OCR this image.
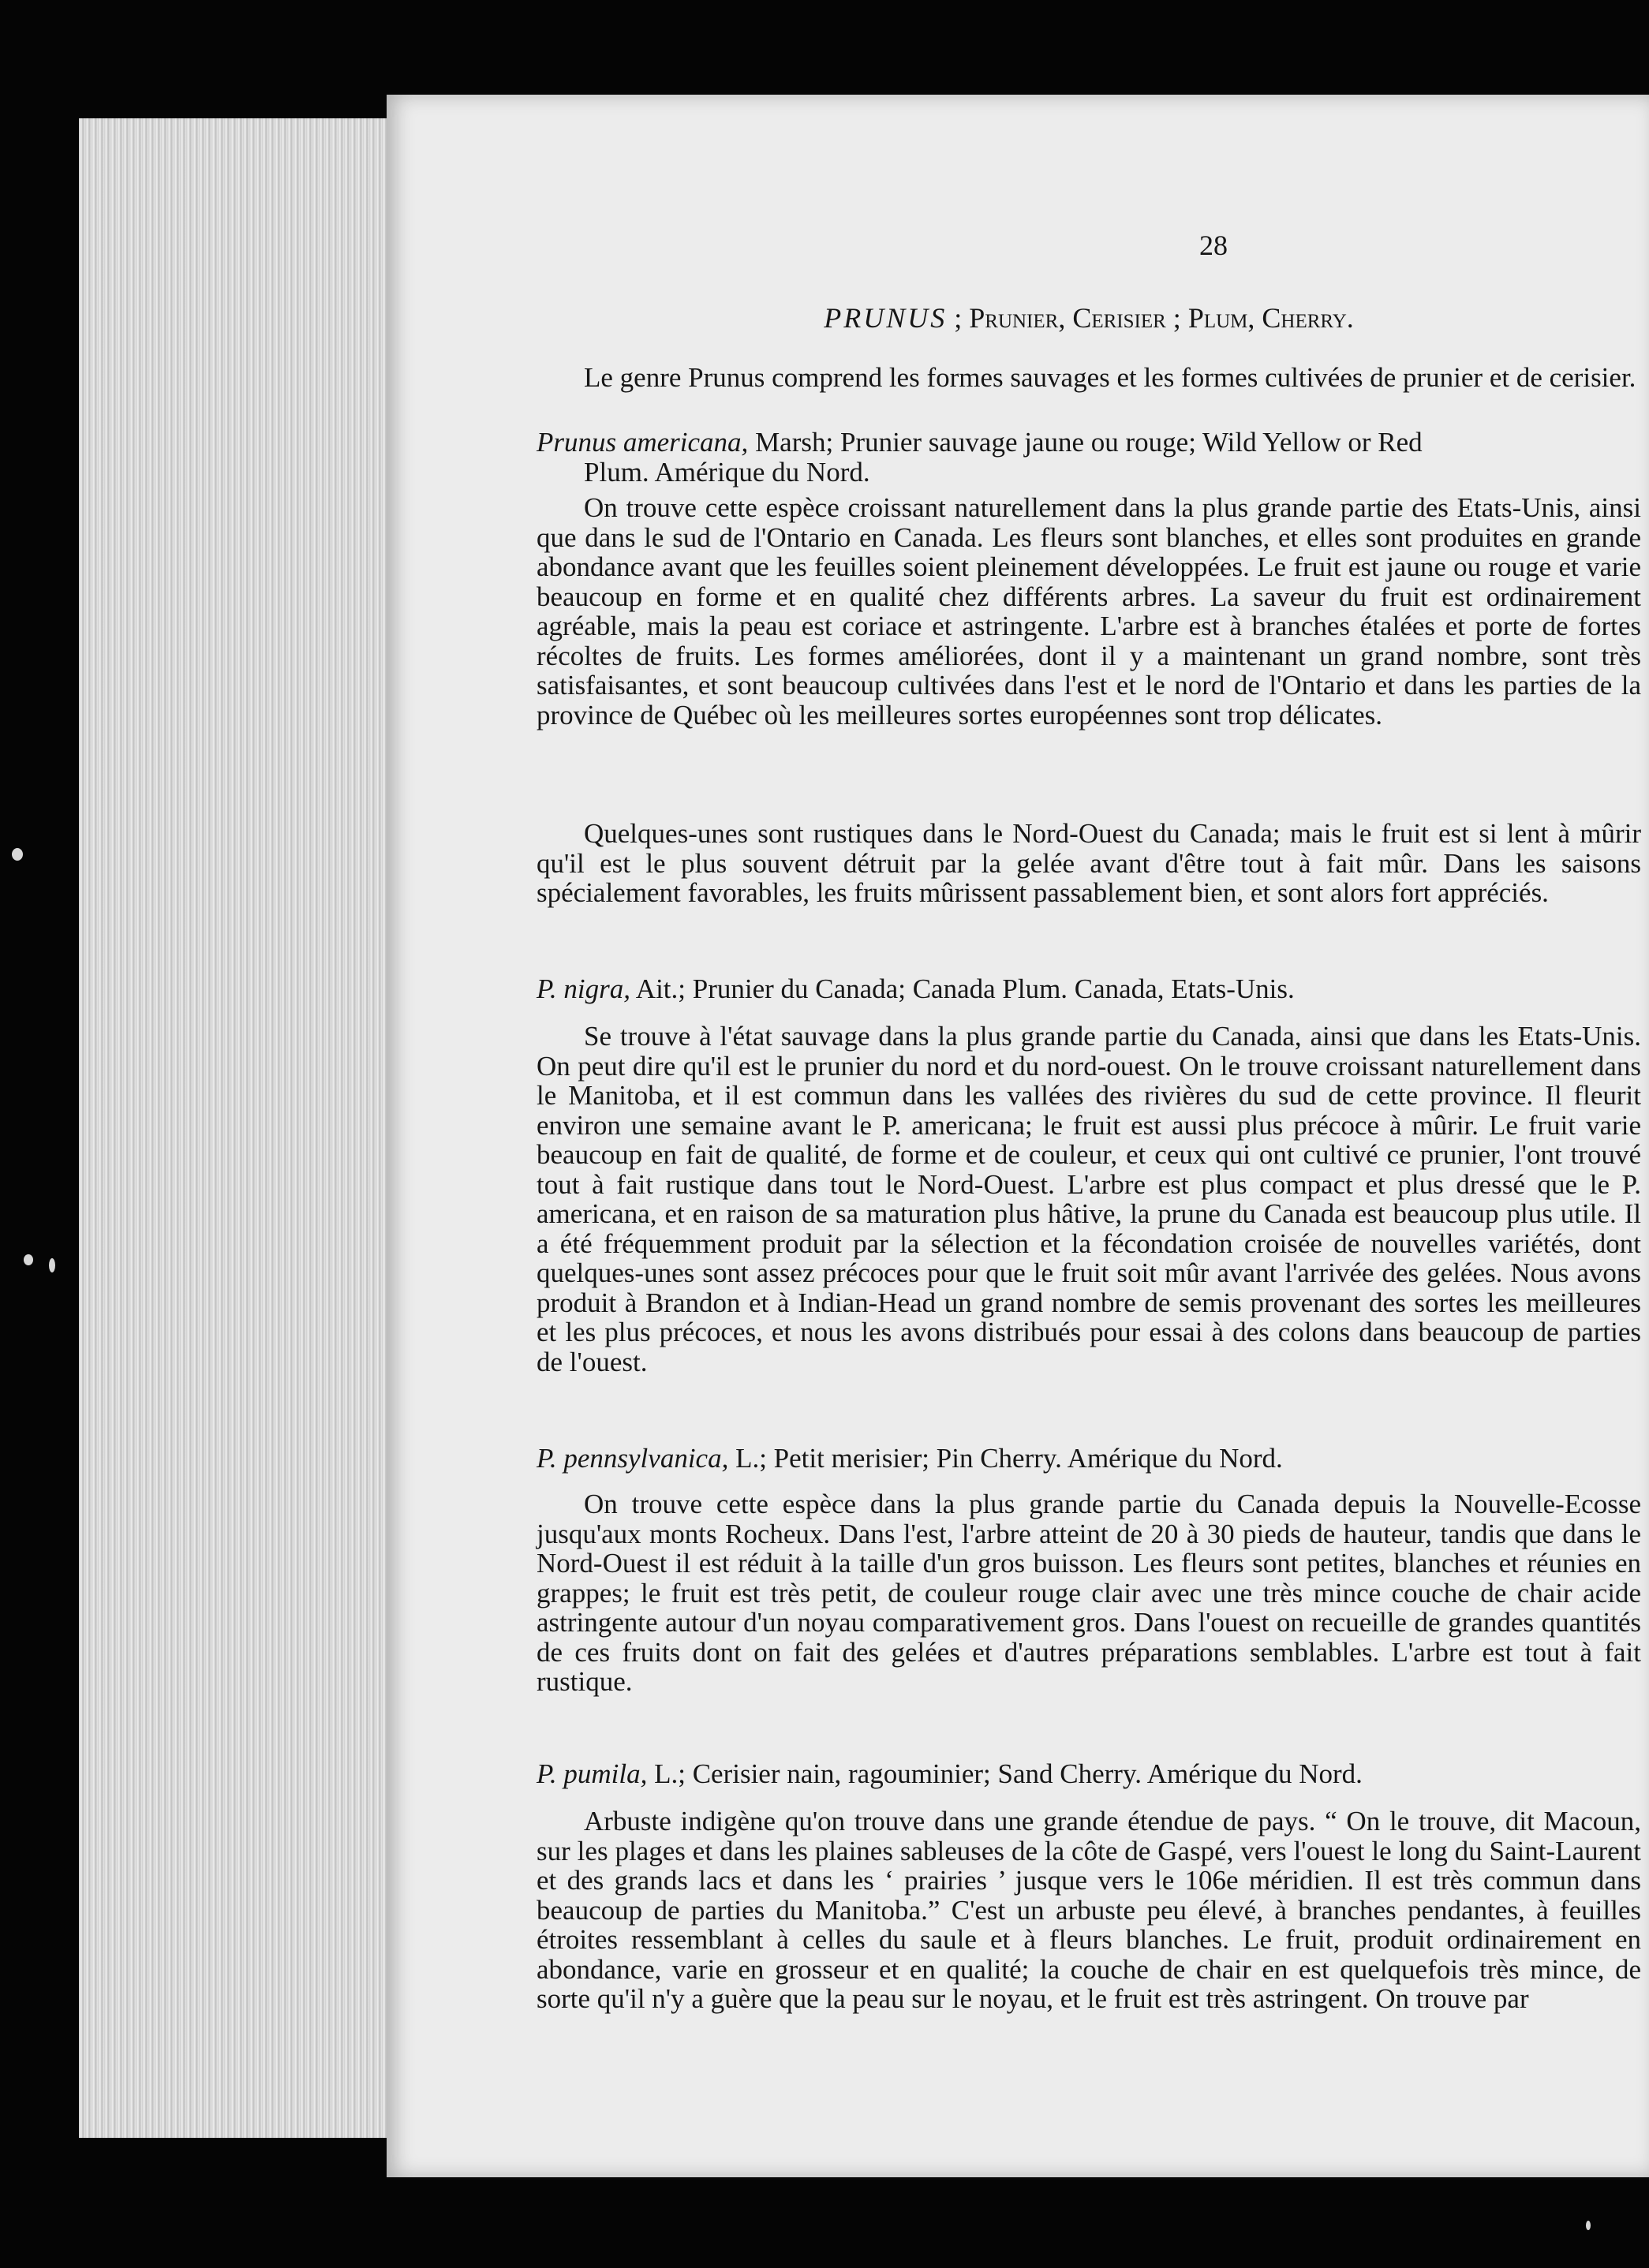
28
PRUNUS ; Prunier, Cerisier ; Plum, Cherry.

Le genre Prunus comprend les formes sauvages et les formes cultivées de prunier et de cerisier.

Prunus americana, Marsh; Prunier sauvage jaune ou rouge; Wild Yellow or Red
Plum. Amérique du Nord.

On trouve cette espèce croissant naturellement dans la plus grande partie des Etats-Unis, ainsi que dans le sud de l'Ontario en Canada. Les fleurs sont blanches, et elles sont produites en grande abondance avant que les feuilles soient pleinement développées. Le fruit est jaune ou rouge et varie beaucoup en forme et en qualité chez différents arbres. La saveur du fruit est ordinairement agréable, mais la peau est coriace et astringente. L'arbre est à branches étalées et porte de fortes récoltes de fruits. Les formes améliorées, dont il y a maintenant un grand nombre, sont très satisfaisantes, et sont beaucoup cultivées dans l'est et le nord de l'Ontario et dans les parties de la province de Québec où les meilleures sortes européennes sont trop délicates.

Quelques-unes sont rustiques dans le Nord-Ouest du Canada; mais le fruit est si lent à mûrir qu'il est le plus souvent détruit par la gelée avant d'être tout à fait mûr. Dans les saisons spécialement favorables, les fruits mûrissent passablement bien, et sont alors fort appréciés.

P. nigra, Ait.; Prunier du Canada; Canada Plum. Canada, Etats-Unis.

Se trouve à l'état sauvage dans la plus grande partie du Canada, ainsi que dans les Etats-Unis. On peut dire qu'il est le prunier du nord et du nord-ouest. On le trouve croissant naturellement dans le Manitoba, et il est commun dans les vallées des rivières du sud de cette province. Il fleurit environ une semaine avant le P. americana; le fruit est aussi plus précoce à mûrir. Le fruit varie beaucoup en fait de qualité, de forme et de couleur, et ceux qui ont cultivé ce prunier, l'ont trouvé tout à fait rustique dans tout le Nord-Ouest. L'arbre est plus compact et plus dressé que le P. americana, et en raison de sa maturation plus hâtive, la prune du Canada est beaucoup plus utile. Il a été fréquemment produit par la sélection et la fécondation croisée de nouvelles variétés, dont quelques-unes sont assez précoces pour que le fruit soit mûr avant l'arrivée des gelées. Nous avons produit à Brandon et à Indian-Head un grand nombre de semis provenant des sortes les meilleures et les plus précoces, et nous les avons distribués pour essai à des colons dans beaucoup de parties de l'ouest.

P. pennsylvanica, L.; Petit merisier; Pin Cherry. Amérique du Nord.

On trouve cette espèce dans la plus grande partie du Canada depuis la Nouvelle-Ecosse jusqu'aux monts Rocheux. Dans l'est, l'arbre atteint de 20 à 30 pieds de hauteur, tandis que dans le Nord-Ouest il est réduit à la taille d'un gros buisson. Les fleurs sont petites, blanches et réunies en grappes; le fruit est très petit, de couleur rouge clair avec une très mince couche de chair acide astringente autour d'un noyau comparativement gros. Dans l'ouest on recueille de grandes quantités de ces fruits dont on fait des gelées et d'autres préparations semblables. L'arbre est tout à fait rustique.

P. pumila, L.; Cerisier nain, ragouminier; Sand Cherry. Amérique du Nord.

Arbuste indigène qu'on trouve dans une grande étendue de pays. “ On le trouve, dit Macoun, sur les plages et dans les plaines sableuses de la côte de Gaspé, vers l'ouest le long du Saint-Laurent et des grands lacs et dans les ‘ prairies ’ jusque vers le 106e méridien. Il est très commun dans beaucoup de parties du Manitoba.” C'est un arbuste peu élevé, à branches pendantes, à feuilles étroites ressemblant à celles du saule et à fleurs blanches. Le fruit, produit ordinairement en abondance, varie en grosseur et en qualité; la couche de chair en est quelquefois très mince, de sorte qu'il n'y a guère que la peau sur le noyau, et le fruit est très astringent. On trouve par
